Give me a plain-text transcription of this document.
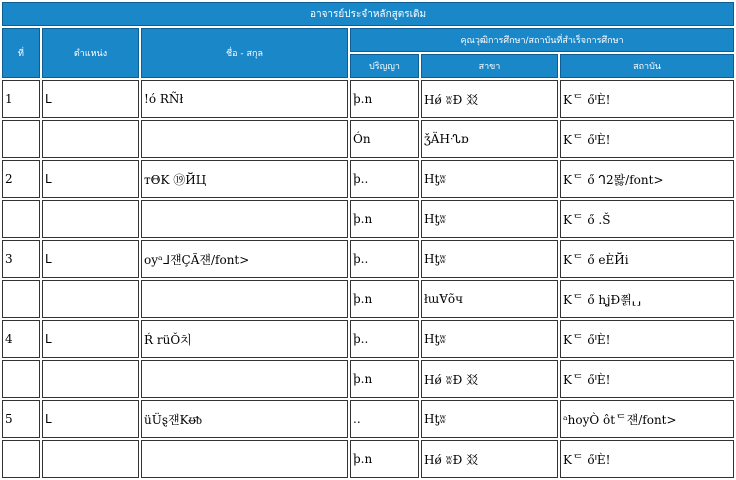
อาจารย์ประจำหลักสูตรเดิม					
ที่	ตำแหน่ง	ชื่อ - สกุล	คุณวุฒิการศึกษา/สถาบันที่สำเร็จการศึกษา		
			ปริญญา	สาขา	สถาบัน
1	ᒪ	!ó RÑł	ϸ.n	Hǿ ʬĐ 㸚	Kᄃ őᑊÈ!
			Ón	ǯÄHᔗɒ	Kᄃ őᑊÈ!
2	ᒪ	ᴛΘK ⑲ЙЦ	ϸ..	Hƫʬ	Kᄃ ő ᒉ2뫓/font>
			ϸ.n	Hƫʬ	Kᄃ ő .Š
3	ᒪ	oyᵃᒧ쟨ÇÃ쟨/font>	ϸ..	Hƫʬ	Kᄃ ő eÈЙi
			ϸ.n	łɯⱯõч	Kᄃ ő hʝĐ쯹⸤⸥
4	ᒪ	Ŕ rüǑ치	ϸ..	Hƫʬ	Kᄃ őᑊÈ!
			ϸ.n	Hǿ ʬĐ 㸚	Kᄃ őᑊÈ!
5	ᒪ	üÜȿ쟨Kᵿᵬ	..	Hƫʬ	ᵃhoyÒ ôtᄃ쟨/font>
			ϸ.n	Hǿ ʬĐ 㸚	Kᄃ őᑊÈ!
